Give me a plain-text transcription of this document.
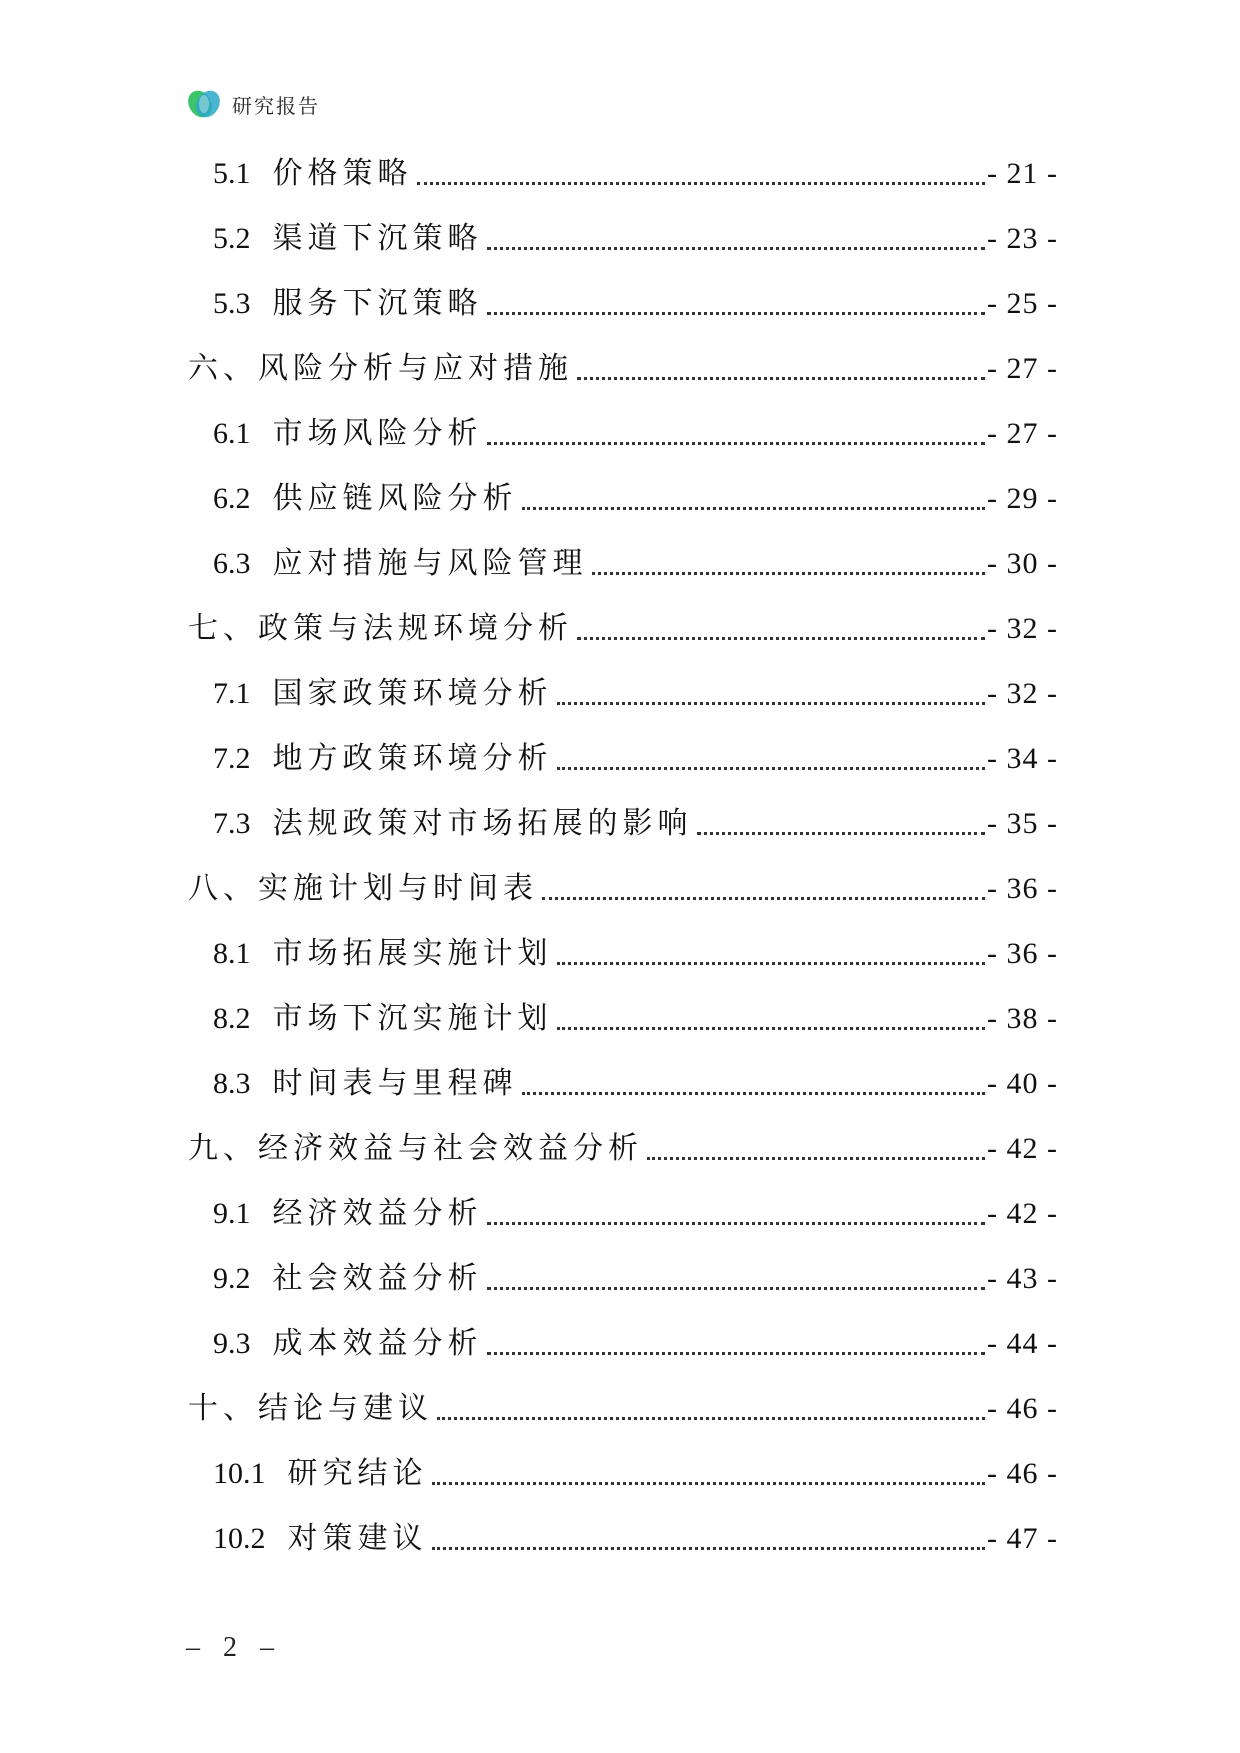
研究报告
5.1 价格策略	- 21 -
5.2 渠道下沉策略	- 23 -
5.3 服务下沉策略	- 25 -
六、风险分析与应对措施	- 27 -
6.1 市场风险分析	- 27 -
6.2 供应链风险分析	- 29 -
6.3 应对措施与风险管理	- 30 -
七、政策与法规环境分析	- 32 -
7.1 国家政策环境分析	- 32 -
7.2 地方政策环境分析	- 34 -
7.3 法规政策对市场拓展的影响	- 35 -
八、实施计划与时间表	- 36 -
8.1 市场拓展实施计划	- 36 -
8.2 市场下沉实施计划	- 38 -
8.3 时间表与里程碑	- 40 -
九、经济效益与社会效益分析	- 42 -
9.1 经济效益分析	- 42 -
9.2 社会效益分析	- 43 -
9.3 成本效益分析	- 44 -
十、结论与建议	- 46 -
10.1 研究结论	- 46 -
10.2 对策建议	- 47 -
– 2 –
